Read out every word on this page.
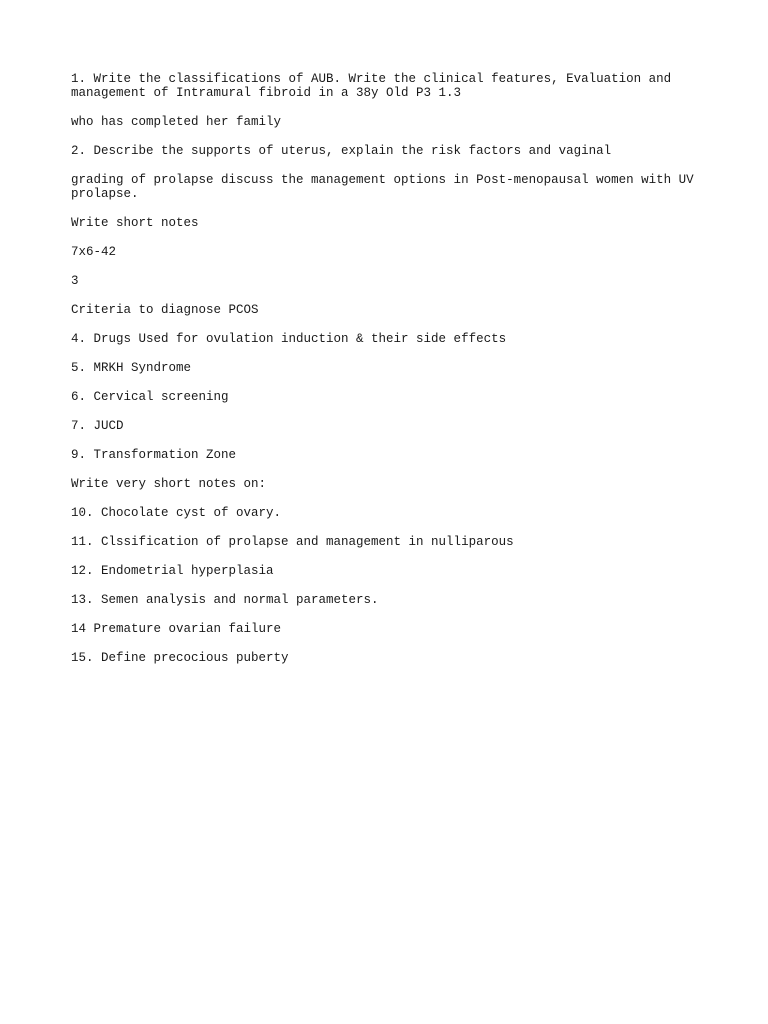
1. Write the classifications of AUB. Write the clinical features, Evaluation and management of Intramural fibroid in a 38y Old P3 1.3

who has completed her family

2. Describe the supports of uterus, explain the risk factors and vaginal

grading of prolapse discuss the management options in Post-menopausal women with UV prolapse.

Write short notes

7x6-42

3

Criteria to diagnose PCOS

4. Drugs Used for ovulation induction & their side effects

5. MRKH Syndrome

6. Cervical screening

7. JUCD

9. Transformation Zone

Write very short notes on:

10. Chocolate cyst of ovary.

11. Clssification of prolapse and management in nulliparous

12. Endometrial hyperplasia

13. Semen analysis and normal parameters.

14 Premature ovarian failure

15. Define precocious puberty
